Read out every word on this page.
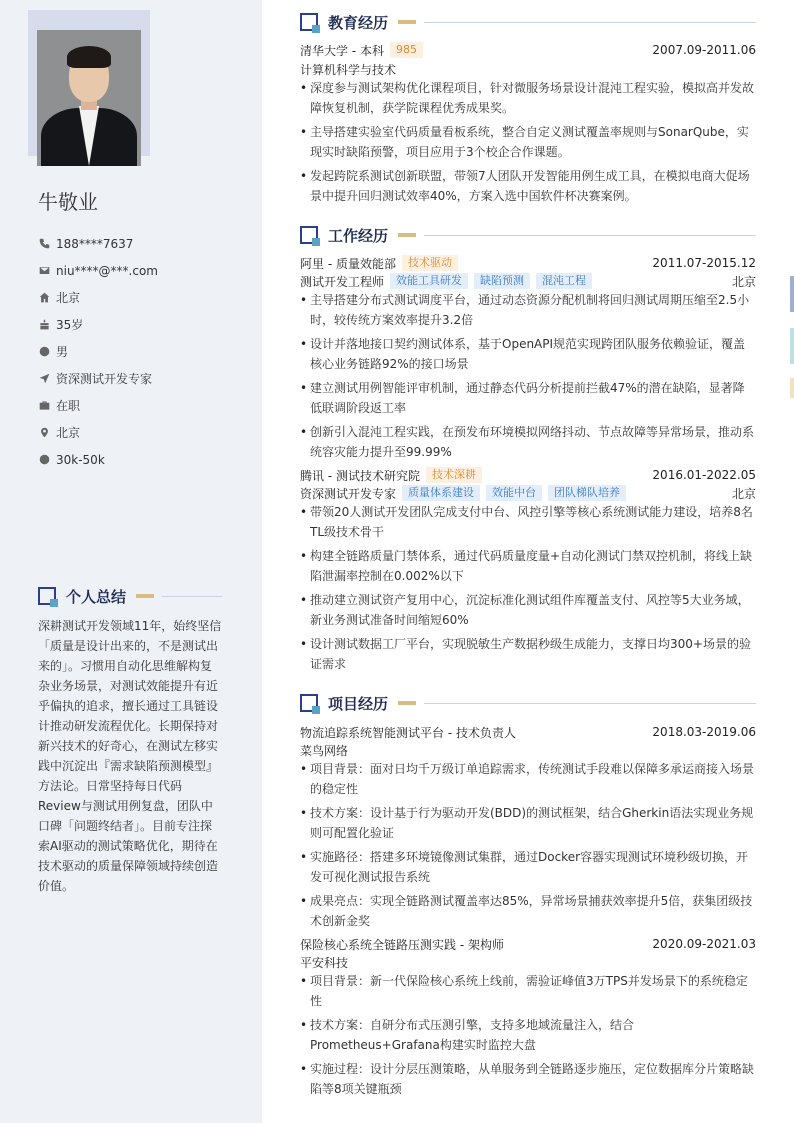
牛敬业
188****7637
niu****@***.com
北京
35岁
男
资深测试开发专家
在职
北京
30k-50k
个人总结
深耕测试开发领域11年，始终坚信「质量是设计出来的，不是测试出来的」。习惯用自动化思维解构复杂业务场景，对测试效能提升有近乎偏执的追求，擅长通过工具链设计推动研发流程优化。长期保持对新兴技术的好奇心，在测试左移实践中沉淀出『需求缺陷预测模型』方法论。日常坚持每日代码Review与测试用例复盘，团队中口碑「问题终结者」。目前专注探索AI驱动的测试策略优化，期待在技术驱动的质量保障领域持续创造价值。
教育经历
清华大学 - 本科	985	2007.09-2011.06
计算机科学与技术
• 深度参与测试架构优化课程项目，针对微服务场景设计混沌工程实验，模拟高并发故障恢复机制，获学院课程优秀成果奖。
• 主导搭建实验室代码质量看板系统，整合自定义测试覆盖率规则与SonarQube，实现实时缺陷预警，项目应用于3个校企合作课题。
• 发起跨院系测试创新联盟，带领7人团队开发智能用例生成工具，在模拟电商大促场景中提升回归测试效率40%，方案入选中国软件杯决赛案例。
工作经历
阿里 - 质量效能部	技术驱动	2011.07-2015.12
测试开发工程师	效能工具研发	缺陷预测	混沌工程	北京
• 主导搭建分布式测试调度平台，通过动态资源分配机制将回归测试周期压缩至2.5小时，较传统方案效率提升3.2倍
• 设计并落地接口契约测试体系，基于OpenAPI规范实现跨团队服务依赖验证，覆盖核心业务链路92%的接口场景
• 建立测试用例智能评审机制，通过静态代码分析提前拦截47%的潜在缺陷，显著降低联调阶段返工率
• 创新引入混沌工程实践，在预发布环境模拟网络抖动、节点故障等异常场景，推动系统容灾能力提升至99.99%
腾讯 - 测试技术研究院	技术深耕	2016.01-2022.05
资深测试开发专家	质量体系建设	效能中台	团队梯队培养	北京
• 带领20人测试开发团队完成支付中台、风控引擎等核心系统测试能力建设，培养8名TL级技术骨干
• 构建全链路质量门禁体系，通过代码质量度量+自动化测试门禁双控机制，将线上缺陷泄漏率控制在0.002%以下
• 推动建立测试资产复用中心，沉淀标准化测试组件库覆盖支付、风控等5大业务域，新业务测试准备时间缩短60%
• 设计测试数据工厂平台，实现脱敏生产数据秒级生成能力，支撑日均300+场景的验证需求
项目经历
物流追踪系统智能测试平台 - 技术负责人	2018.03-2019.06
菜鸟网络
• 项目背景：面对日均千万级订单追踪需求，传统测试手段难以保障多承运商接入场景的稳定性
• 技术方案：设计基于行为驱动开发(BDD)的测试框架，结合Gherkin语法实现业务规则可配置化验证
• 实施路径：搭建多环境镜像测试集群，通过Docker容器实现测试环境秒级切换，开发可视化测试报告系统
• 成果亮点：实现全链路测试覆盖率达85%，异常场景捕获效率提升5倍，获集团级技术创新金奖
保险核心系统全链路压测实践 - 架构师	2020.09-2021.03
平安科技
• 项目背景：新一代保险核心系统上线前，需验证峰值3万TPS并发场景下的系统稳定性
• 技术方案：自研分布式压测引擎，支持多地域流量注入，结合Prometheus+Grafana构建实时监控大盘
• 实施过程：设计分层压测策略，从单服务到全链路逐步施压，定位数据库分片策略缺陷等8项关键瓶颈
